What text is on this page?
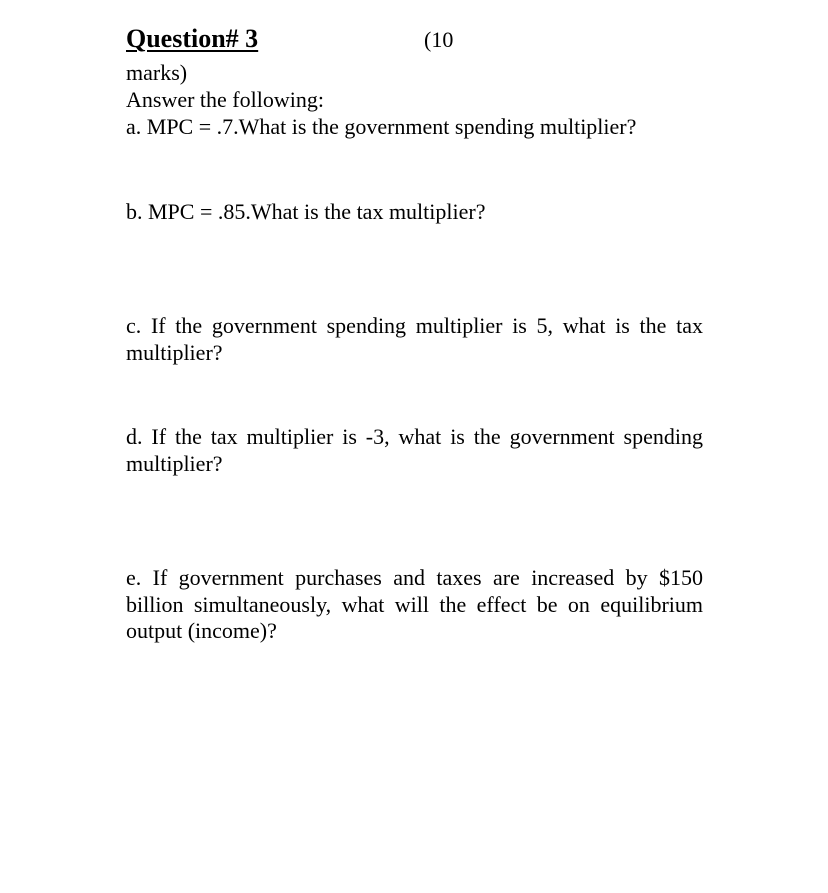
Question# 3	(10
marks)
Answer the following:
a. MPC = .7.What is the government spending multiplier?
b. MPC = .85.What is the tax multiplier?
c. If the government spending multiplier is 5, what is the tax multiplier?
d. If the tax multiplier is -3, what is the government spending multiplier?
e. If government purchases and taxes are increased by $150 billion simultaneously, what will the effect be on equilibrium output (income)?
